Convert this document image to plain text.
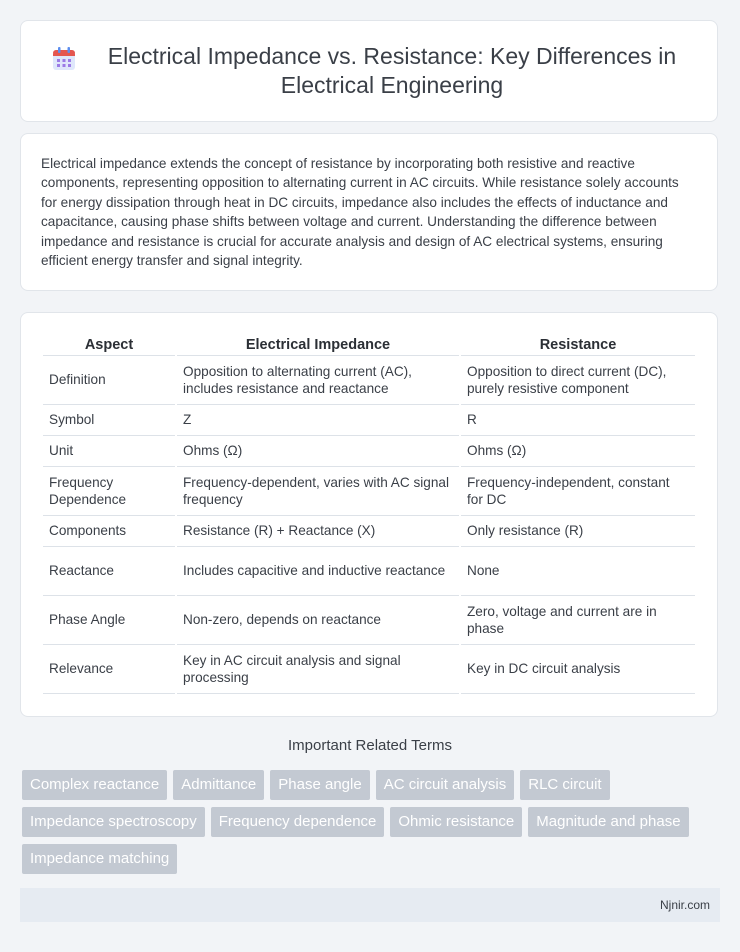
Electrical Impedance vs. Resistance: Key Differences in Electrical Engineering

Electrical impedance extends the concept of resistance by incorporating both resistive and reactive components, representing opposition to alternating current in AC circuits. While resistance solely accounts for energy dissipation through heat in DC circuits, impedance also includes the effects of inductance and capacitance, causing phase shifts between voltage and current. Understanding the difference between impedance and resistance is crucial for accurate analysis and design of AC electrical systems, ensuring efficient energy transfer and signal integrity.

Aspect	Electrical Impedance	Resistance
Definition	Opposition to alternating current (AC), includes resistance and reactance	Opposition to direct current (DC), purely resistive component
Symbol	Z	R
Unit	Ohms (Ω)	Ohms (Ω)
Frequency Dependence	Frequency-dependent, varies with AC signal frequency	Frequency-independent, constant for DC
Components	Resistance (R) + Reactance (X)	Only resistance (R)
Reactance	Includes capacitive and inductive reactance	None
Phase Angle	Non-zero, depends on reactance	Zero, voltage and current are in phase
Relevance	Key in AC circuit analysis and signal processing	Key in DC circuit analysis
Important Related Terms
Complex reactance	Admittance	Phase angle	AC circuit analysis	RLC circuit
Impedance spectroscopy	Frequency dependence	Ohmic resistance	Magnitude and phase
Impedance matching
Njnir.com
